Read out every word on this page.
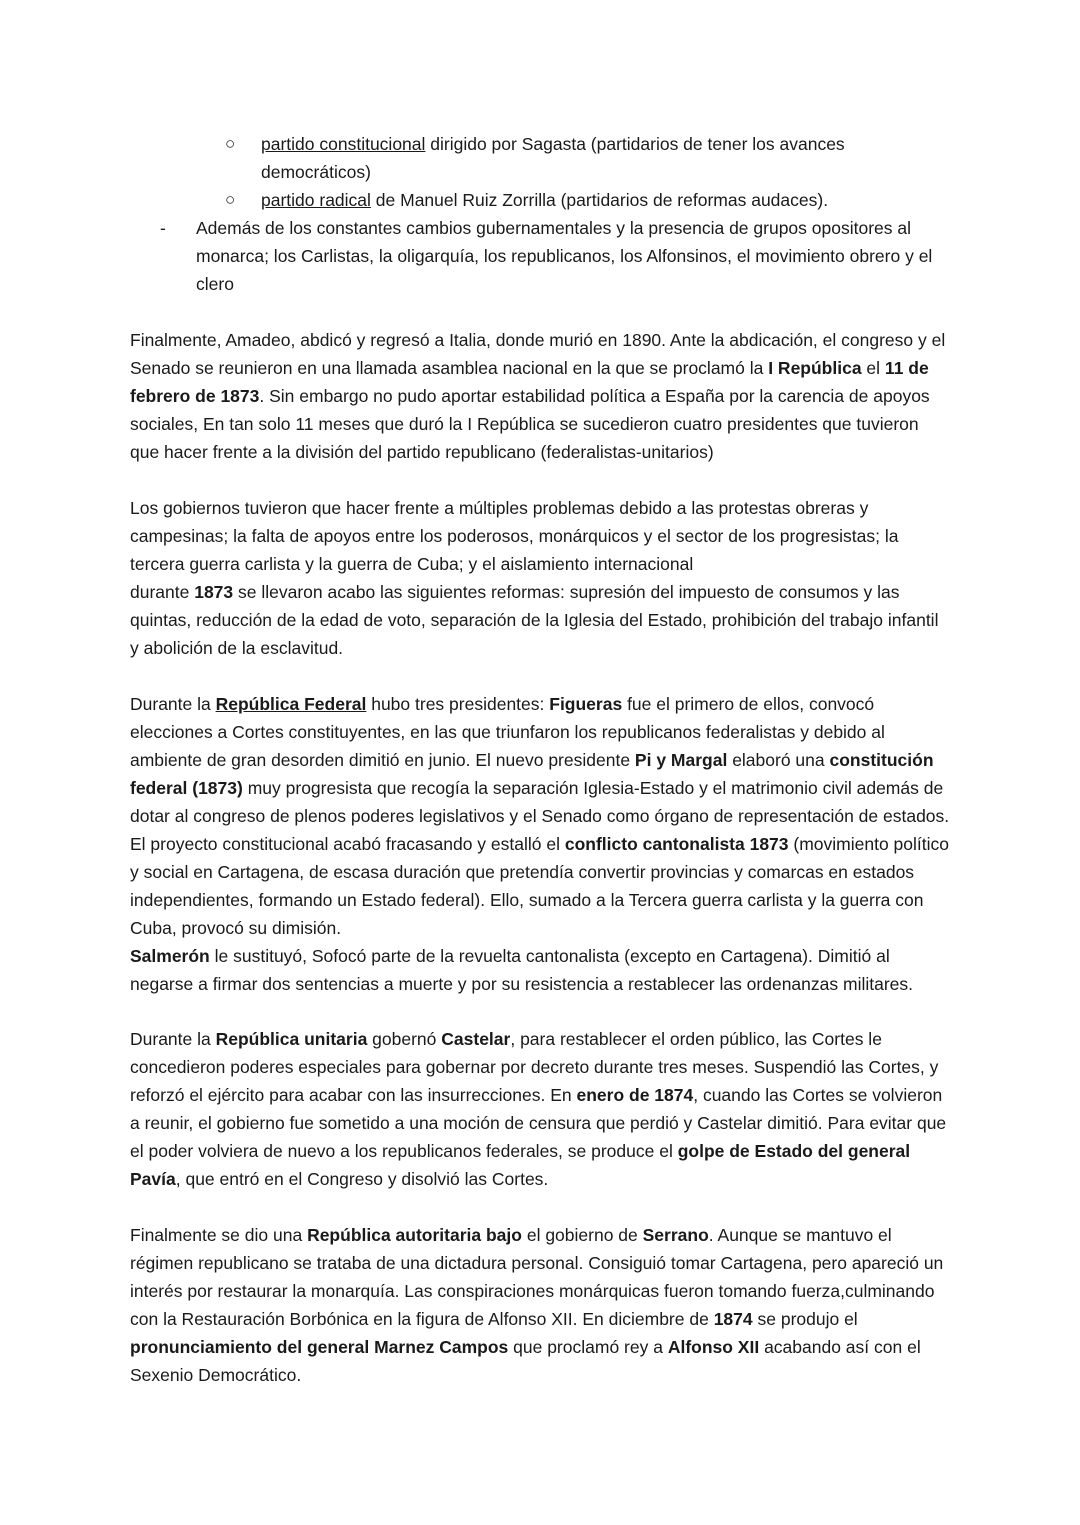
○ partido constitucional dirigido por Sagasta (partidarios de tener los avances democráticos)
○ partido radical de Manuel Ruiz Zorrilla (partidarios de reformas audaces).
- Además de los constantes cambios gubernamentales y la presencia de grupos opositores al monarca; los Carlistas, la oligarquía, los republicanos, los Alfonsinos, el movimiento obrero y el clero

Finalmente, Amadeo, abdicó y regresó a Italia, donde murió en 1890. Ante la abdicación, el congreso y el Senado se reunieron en una llamada asamblea nacional en la que se proclamó la I República el 11 de febrero de 1873. Sin embargo no pudo aportar estabilidad política a España por la carencia de apoyos sociales, En tan solo 11 meses que duró la I República se sucedieron cuatro presidentes que tuvieron que hacer frente a la división del partido republicano (federalistas-unitarios)

Los gobiernos tuvieron que hacer frente a múltiples problemas debido a las protestas obreras y campesinas; la falta de apoyos entre los poderosos, monárquicos y el sector de los progresistas; la tercera guerra carlista y la guerra de Cuba; y el aislamiento internacional
durante 1873 se llevaron acabo las siguientes reformas: supresión del impuesto de consumos y las quintas, reducción de la edad de voto, separación de la Iglesia del Estado, prohibición del trabajo infantil y abolición de la esclavitud.

Durante la República Federal hubo tres presidentes: Figueras fue el primero de ellos, convocó elecciones a Cortes constituyentes, en las que triunfaron los republicanos federalistas y debido al ambiente de gran desorden dimitió en junio. El nuevo presidente Pi y Margal elaboró una constitución federal (1873) muy progresista que recogía la separación Iglesia-Estado y el matrimonio civil además de dotar al congreso de plenos poderes legislativos y el Senado como órgano de representación de estados. El proyecto constitucional acabó fracasando y estalló el conflicto cantonalista 1873 (movimiento político y social en Cartagena, de escasa duración que pretendía convertir provincias y comarcas en estados independientes, formando un Estado federal). Ello, sumado a la Tercera guerra carlista y la guerra con Cuba, provocó su dimisión.
Salmerón le sustituyó, Sofocó parte de la revuelta cantonalista (excepto en Cartagena). Dimitió al negarse a firmar dos sentencias a muerte y por su resistencia a restablecer las ordenanzas militares.

Durante la República unitaria gobernó Castelar, para restablecer el orden público, las Cortes le concedieron poderes especiales para gobernar por decreto durante tres meses. Suspendió las Cortes, y reforzó el ejército para acabar con las insurrecciones. En enero de 1874, cuando las Cortes se volvieron a reunir, el gobierno fue sometido a una moción de censura que perdió y Castelar dimitió. Para evitar que el poder volviera de nuevo a los republicanos federales, se produce el golpe de Estado del general Pavía, que entró en el Congreso y disolvió las Cortes.

Finalmente se dio una República autoritaria bajo el gobierno de Serrano. Aunque se mantuvo el régimen republicano se trataba de una dictadura personal. Consiguió tomar Cartagena, pero apareció un interés por restaurar la monarquía. Las conspiraciones monárquicas fueron tomando fuerza,culminando con la Restauración Borbónica en la figura de Alfonso XII. En diciembre de 1874 se produjo el pronunciamiento del general Marnez Campos que proclamó rey a Alfonso XII acabando así con el Sexenio Democrático.
